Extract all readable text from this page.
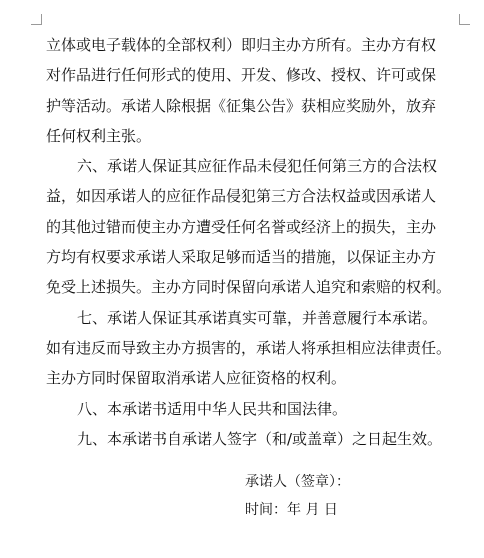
立体或电子载体的全部权利）即归主办方所有。主办方有权

对作品进行任何形式的使用、开发、修改、授权、许可或保

护等活动。承诺人除根据《征集公告》获相应奖励外，放弃

任何权利主张。

六、承诺人保证其应征作品未侵犯任何第三方的合法权

益，如因承诺人的应征作品侵犯第三方合法权益或因承诺人

的其他过错而使主办方遭受任何名誉或经济上的损失，主办

方均有权要求承诺人采取足够而适当的措施，以保证主办方

免受上述损失。主办方同时保留向承诺人追究和索赔的权利。

七、承诺人保证其承诺真实可靠，并善意履行本承诺。

如有违反而导致主办方损害的，承诺人将承担相应法律责任。

主办方同时保留取消承诺人应征资格的权利。

八、本承诺书适用中华人民共和国法律。

九、本承诺书自承诺人签字（和/或盖章）之日起生效。

承诺人（签章）：
时间：年 月 日
